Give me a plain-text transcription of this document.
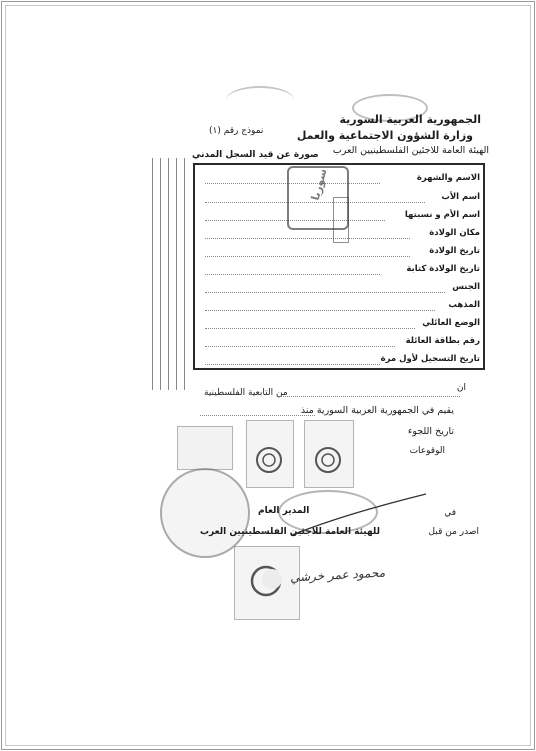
الجمهورية العربية السورية
وزارة الشؤون الاجتماعية والعمل
الهيئة العامة للاجئين الفلسطينيين العرب
نموذج رقم (١)
صورة عن قيد السجل المدني
الاسم والشهرة
اسم الأب
اسم الأم و نسبتها
مكان الولادة
تاريخ الولادة
تاريخ الولادة كتابة
الجنس
المذهب
الوضع العائلي
رقم بطاقة العائلة
تاريخ التسجيل لأول مرة
سوريا
ان
من التابعية الفلسطينية
يقيم في الجمهورية العربية السورية منذ
تاريخ اللجوء
الوقوعات
في
المدير العام
للهيئة العامة للاجئين الفلسطينيين العرب	اصدر من قبل
محمود عمر خرشي
